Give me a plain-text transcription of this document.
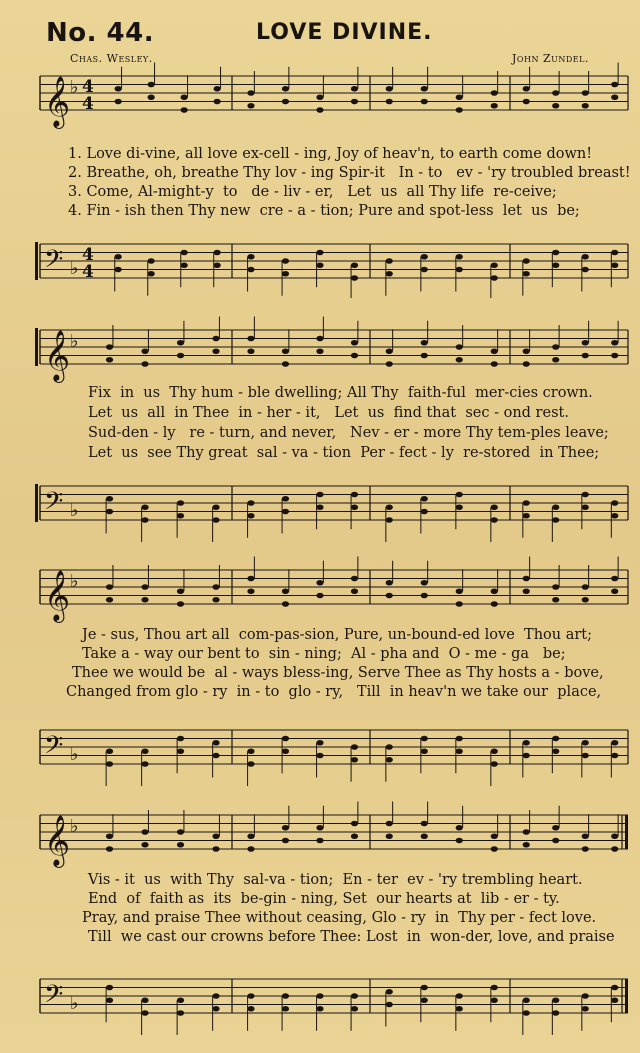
No. 44.	LOVE DIVINE.
Chas. Wesley.	John Zundel.
𝄞 ♭ 4
4

1. Love di-vine, all love ex-cell - ing, Joy of heav'n, to earth come down!

2. Breathe, oh, breathe Thy lov - ing Spir-it   In - to   ev - 'ry troubled breast!

3. Come, Al-might-y  to   de - liv - er,   Let  us  all Thy life  re-ceive;

4. Fin - ish then Thy new  cre - a - tion; Pure and spot-less  let  us  be;

𝄢 ♭
4
4
𝄞 ♭

Fix  in  us  Thy hum - ble dwelling; All Thy  faith-ful  mer-cies crown.

Let  us  all  in Thee  in - her - it,   Let  us  find that  sec - ond rest.

Sud-den - ly   re - turn, and never,   Nev - er - more Thy tem-ples leave;

Let  us  see Thy great  sal - va - tion  Per - fect - ly  re-stored  in Thee;

𝄢 ♭
𝄞 ♭

Je - sus, Thou art all  com-pas-sion, Pure, un-bound-ed love  Thou art;

Take a - way our bent to  sin - ning;  Al - pha and  O - me - ga   be;

Thee we would be  al - ways bless-ing, Serve Thee as Thy hosts a - bove,

Changed from glo - ry  in - to  glo - ry,   Till  in heav'n we take our  place,

𝄢 ♭
𝄞 ♭

Vis - it  us  with Thy  sal-va - tion;  En - ter  ev - 'ry trembling heart.

End  of  faith as  its  be-gin - ning, Set  our hearts at  lib - er - ty.

Pray, and praise Thee without ceasing, Glo - ry  in  Thy per - fect love.

Till  we cast our crowns before Thee: Lost  in  won-der, love, and praise

𝄢 ♭
